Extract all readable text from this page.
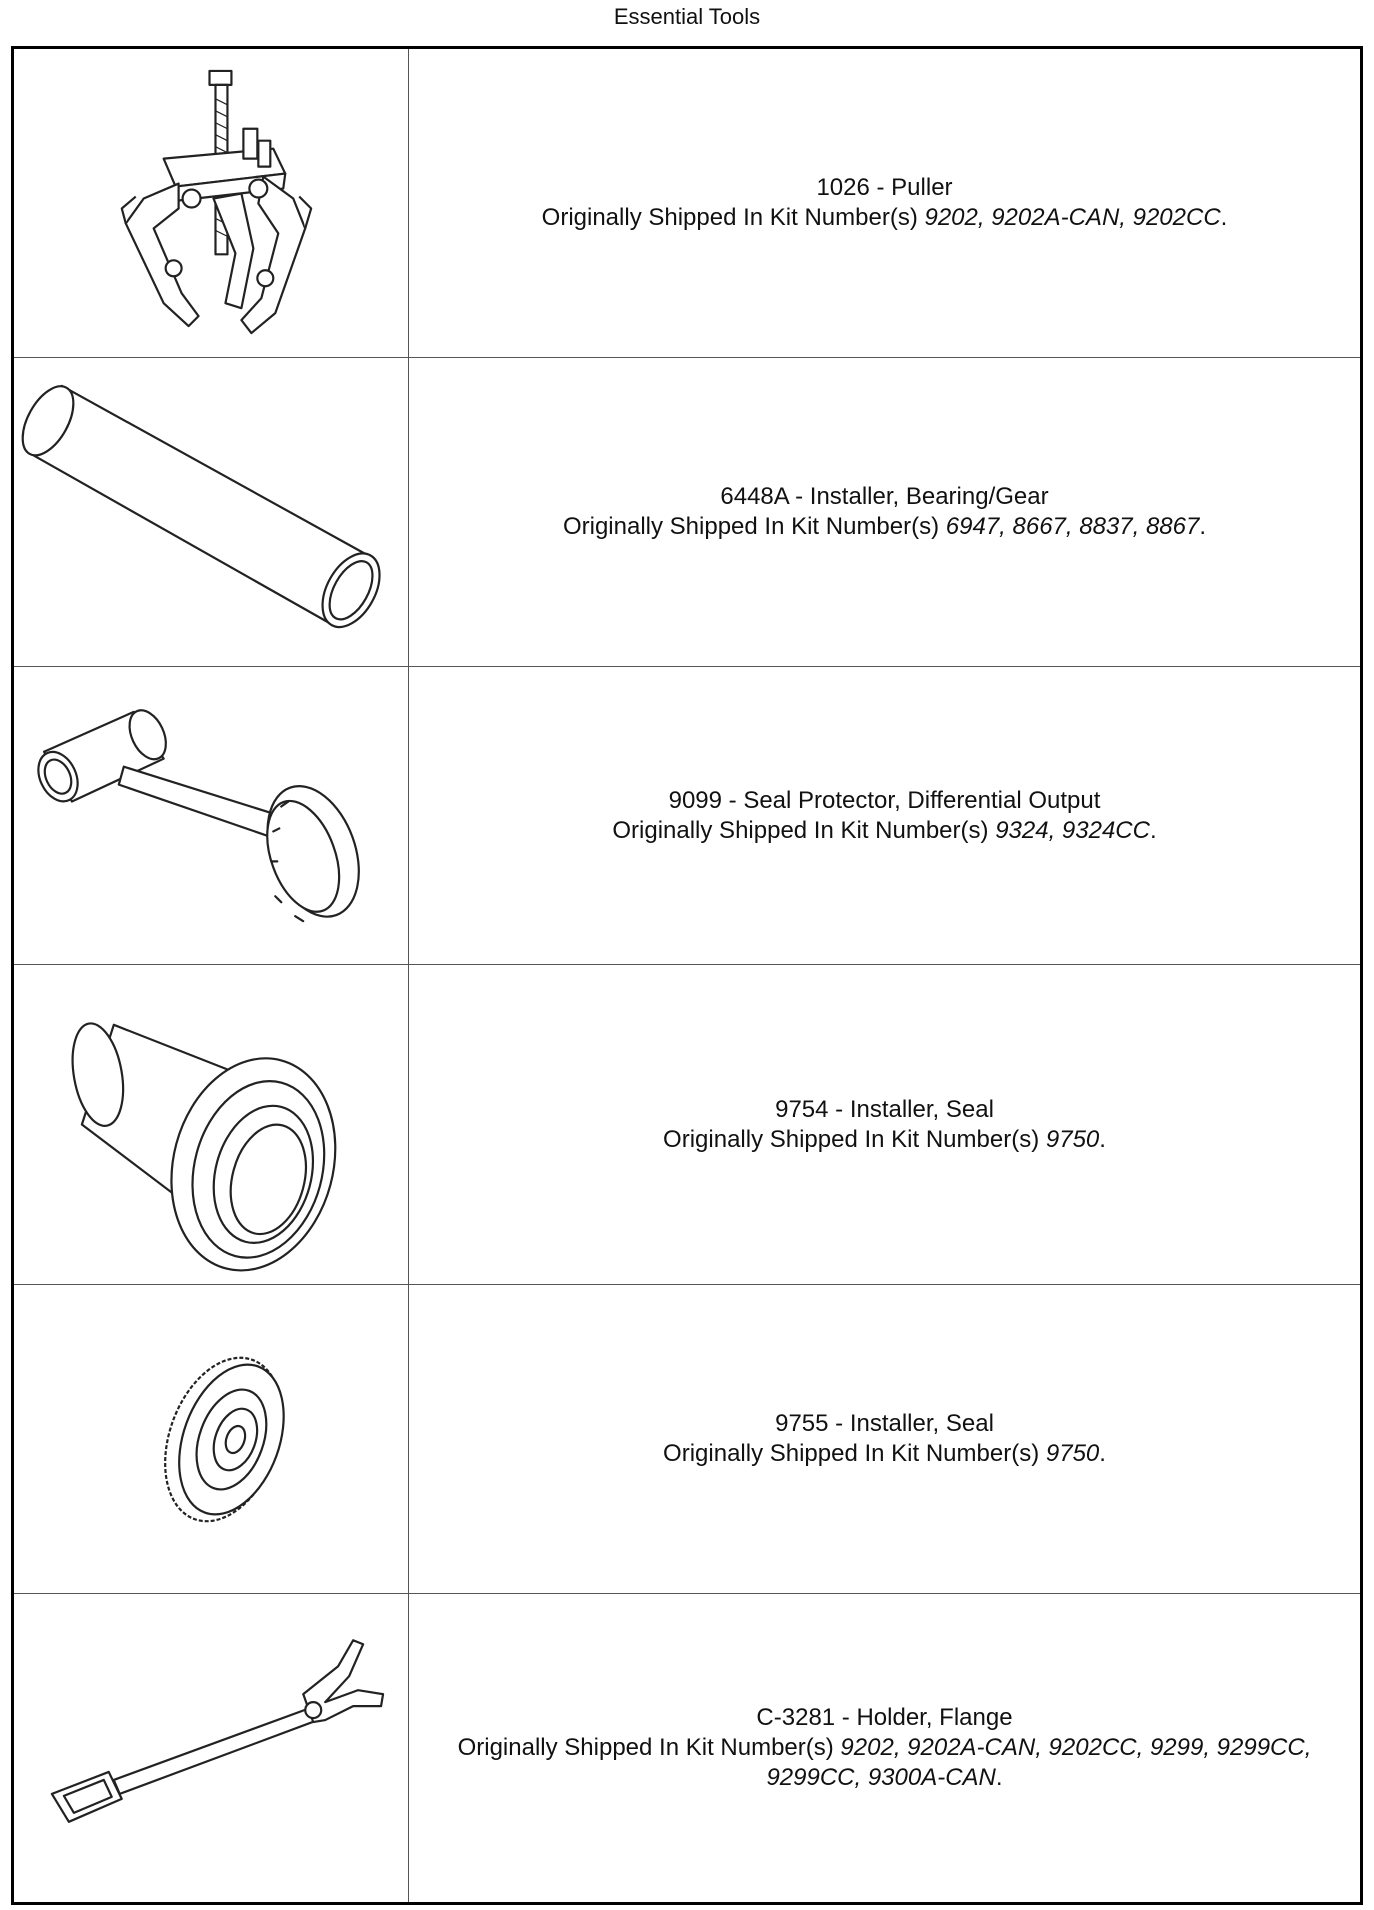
Essential Tools
1026 - Puller
Originally Shipped In Kit Number(s) 9202, 9202A-CAN, 9202CC.
6448A - Installer, Bearing/Gear
Originally Shipped In Kit Number(s) 6947, 8667, 8837, 8867.
9099 - Seal Protector, Differential Output
Originally Shipped In Kit Number(s) 9324, 9324CC.
9754 - Installer, Seal
Originally Shipped In Kit Number(s) 9750.
9755 - Installer, Seal
Originally Shipped In Kit Number(s) 9750.
C-3281 - Holder, Flange
Originally Shipped In Kit Number(s) 9202, 9202A-CAN, 9202CC, 9299, 9299CC,
9299CC, 9300A-CAN.
